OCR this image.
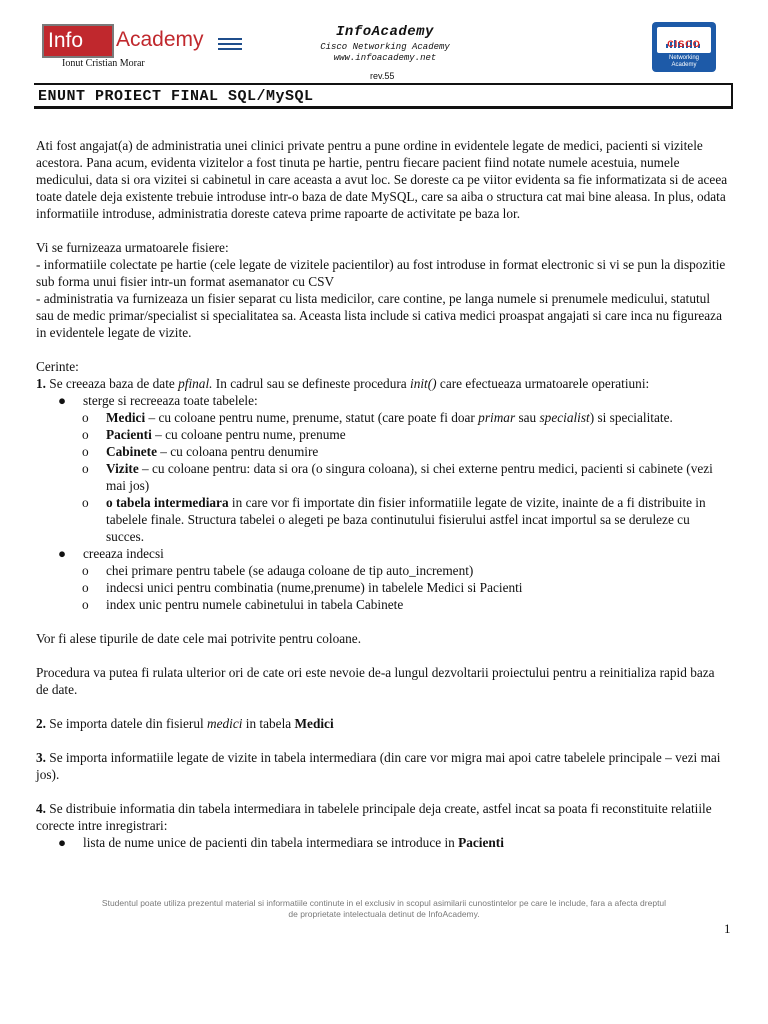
Info	Academy
Ionut Cristian Morar
InfoAcademy
Cisco Networking Academy
www.infoacademy.net
CISCO
Networking
Academy
rev.55
ENUNT PROIECT FINAL SQL/MySQL

Ati fost angajat(a) de administratia unei clinici private pentru a pune ordine in evidentele legate de medici, pacienti si vizitele acestora. Pana acum, evidenta vizitelor a fost tinuta pe hartie, pentru fiecare pacient fiind notate numele acestuia, numele medicului, data si ora vizitei si cabinetul in care aceasta a avut loc. Se doreste ca pe viitor evidenta sa fie informatizata si de aceea toate datele deja existente trebuie introduse intr-o baza de date MySQL, care sa aiba o structura cat mai bine aleasa. In plus, odata informatiile introduse, administratia doreste cateva prime rapoarte de activitate pe baza lor.

Vi se furnizeaza urmatoarele fisiere:

- informatiile colectate pe hartie (cele legate de vizitele pacientilor) au fost introduse in format electronic si vi se pun la dispozitie sub forma unui fisier intr-un format asemanator cu CSV

- administratia va furnizeaza un fisier separat cu lista medicilor, care contine, pe langa numele si prenumele medicului, statutul sau de medic primar/specialist si specialitatea sa. Aceasta lista include si cativa medici proaspat angajati si care inca nu figureaza in evidentele legate de vizite.

Cerinte:

1. Se creeaza baza de date pfinal. In cadrul sau se defineste procedura init() care efectueaza urmatoarele operatiuni:

● sterge si recreeaza toate tabelele:
o Medici – cu coloane pentru nume, prenume, statut (care poate fi doar primar sau specialist) si specialitate.
o Pacienti – cu coloane pentru nume, prenume
o Cabinete – cu coloana pentru denumire
o Vizite – cu coloane pentru: data si ora (o singura coloana), si chei externe pentru medici, pacienti si cabinete (vezi mai jos)
o o tabela intermediara in care vor fi importate din fisier informatiile legate de vizite, inainte de a fi distribuite in tabelele finale. Structura tabelei o alegeti pe baza continutului fisierului astfel incat importul sa se deruleze cu succes.
● creeaza indecsi
o chei primare pentru tabele (se adauga coloane de tip auto_increment)
o indecsi unici pentru combinatia (nume,prenume) in tabelele Medici si Pacienti
o index unic pentru numele cabinetului in tabela Cabinete

Vor fi alese tipurile de date cele mai potrivite pentru coloane.

Procedura va putea fi rulata ulterior ori de cate ori este nevoie de-a lungul dezvoltarii proiectului pentru a reinitializa rapid baza de date.

2. Se importa datele din fisierul medici in tabela Medici

3. Se importa informatiile legate de vizite in tabela intermediara (din care vor migra mai apoi catre tabelele principale – vezi mai jos).

4. Se distribuie informatia din tabela intermediara in tabelele principale deja create, astfel incat sa poata fi reconstituite relatiile corecte intre inregistrari:

● lista de nume unice de pacienti din tabela intermediara se introduce in Pacienti
Studentul poate utiliza prezentul material si informatiile continute in el exclusiv in scopul asimilarii cunostintelor pe care le include, fara a afecta dreptul
de proprietate intelectuala detinut de InfoAcademy.
1
